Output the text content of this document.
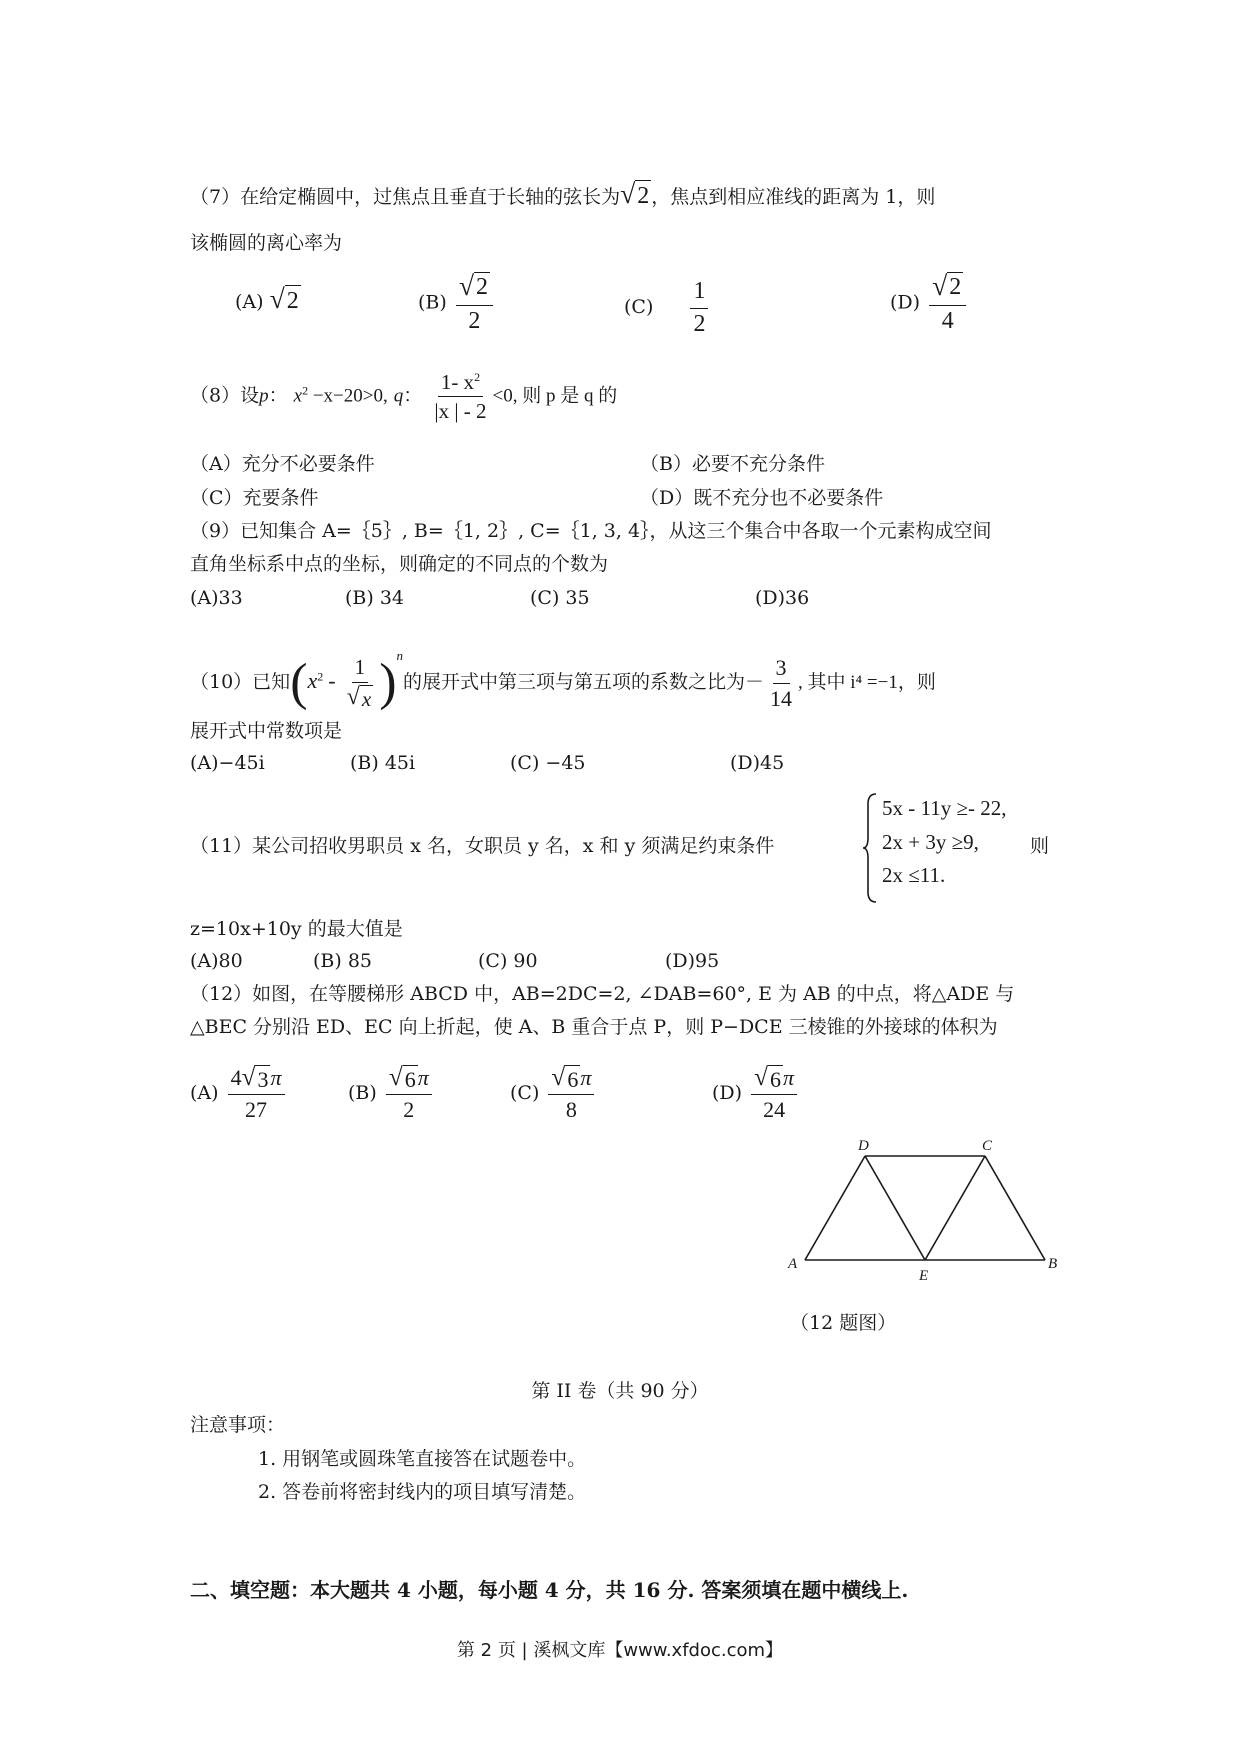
（7）在给定椭圆中，过焦点且垂直于长轴的弦长为 √ 2 ，焦点到相应准线的距离为 1，则
该椭圆的离心率为
(A) √ 2	$(B) \frac{√ 2}{2}$	$(C) \frac{1}{2}$	$(D) \frac{√ 2}{4}$
（8）设p： $x^2 -x-20>0$, q： $\frac{1- x^2}{|x | - 2} <0$, 则 p 是 q 的
（A）充分不必要条件	（B）必要不充分条件
（C）充要条件	（D）既不充分也不必要条件
（9）已知集合 A=｛5｝, B=｛1, 2｝, C=｛1, 3, 4｝，从这三个集合中各取一个元素构成空间
直角坐标系中点的坐标，则确定的不同点的个数为
(A)33	(B) 34	(C) 35	(D)36
（10）已知$(x^2 - \frac{1}{√ x} )^n$的展开式中第三项与第五项的系数之比为－ $\frac{3}{14}$ , 其中 i⁴ =−1，则
展开式中常数项是
(A)−45i	(B) 45i	(C) −45	(D)45
（11）某公司招收男职员 x 名，女职员 y 名，x 和 y 须满足约束条件
5x - 11y ≥- 22,
2x + 3y ≥9,
2x ≤11.
则
z=10x+10y 的最大值是
(A)80	(B) 85	(C) 90	(D)95
（12）如图，在等腰梯形 ABCD 中，AB=2DC=2, ∠DAB=60°, E 为 AB 的中点，将△ADE 与
△BEC 分别沿 ED、EC 向上折起，使 A、B 重合于点 P，则 P−DCE 三棱锥的外接球的体积为
$(A) \frac{4 √ 3 \pi}{27}$	$(B) \frac{√ 6 \pi}{2}$	$(C) \frac{√ 6 \pi}{8}$	$(D) \frac{√ 6 \pi}{24}$
A	B
C
D
E
（12 题图）
第 II 卷（共 90 分）
注意事项：
1. 用钢笔或圆珠笔直接答在试题卷中。
2. 答卷前将密封线内的项目填写清楚。
二、填空题：本大题共 4 小题，每小题 4 分，共 16 分. 答案须填在题中横线上.
第 2 页 | 溪枫文库【www.xfdoc.com】
